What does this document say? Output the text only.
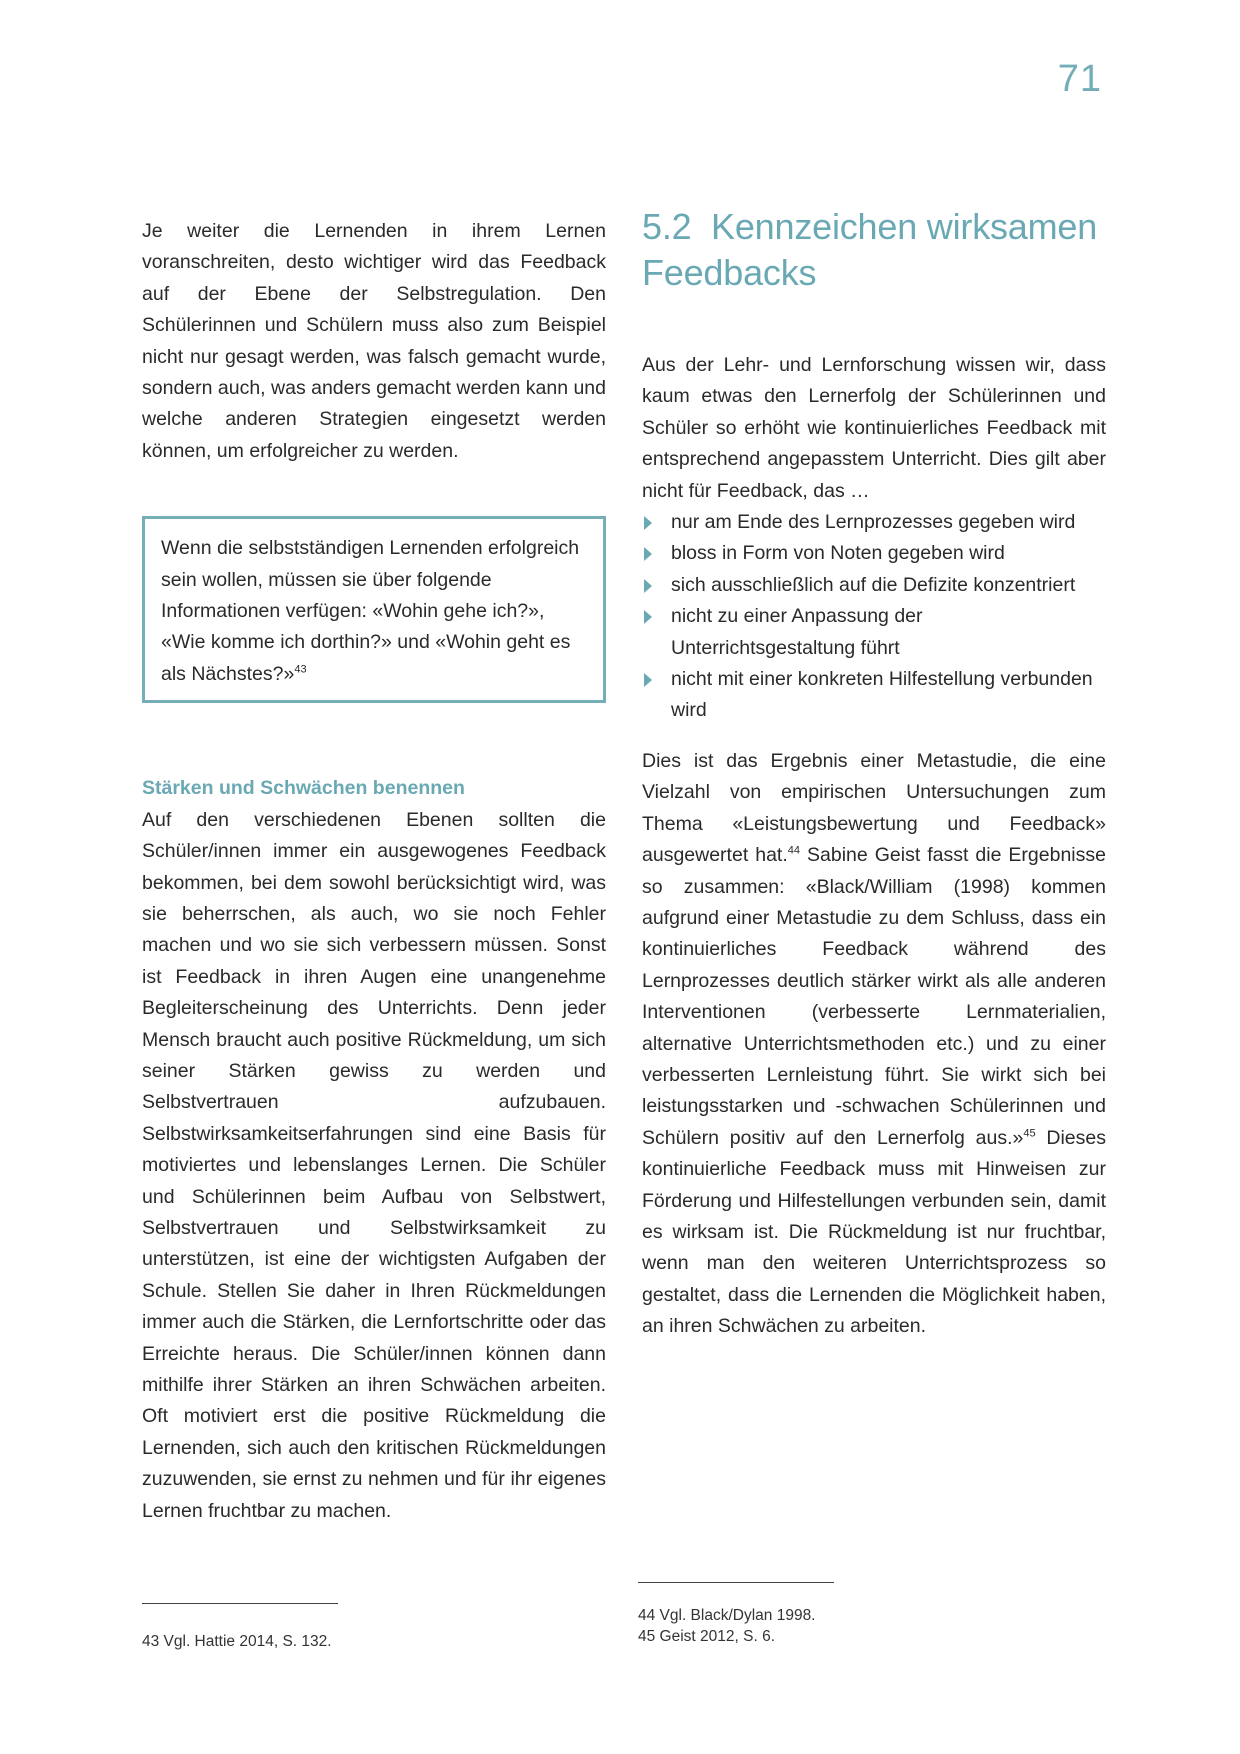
71

Je weiter die Lernenden in ihrem Lernen voranschreiten, desto wichtiger wird das Feedback auf der Ebene der Selbstregulation. Den Schülerinnen und Schülern muss also zum Beispiel nicht nur gesagt werden, was falsch gemacht wurde, sondern auch, was anders gemacht werden kann und welche anderen Strategien eingesetzt werden können, um erfolgreicher zu werden.

Wenn die selbstständigen Lernenden erfolgreich sein wollen, müssen sie über folgende Informationen verfügen: «Wohin gehe ich?», «Wie komme ich dorthin?» und «Wohin geht es als Nächstes?»$^{43}$

Stärken und Schwächen benennen

Auf den verschiedenen Ebenen sollten die Schüler/innen immer ein ausgewogenes Feedback bekommen, bei dem sowohl berücksichtigt wird, was sie beherrschen, als auch, wo sie noch Fehler machen und wo sie sich verbessern müssen. Sonst ist Feedback in ihren Augen eine unangenehme Begleiterscheinung des Unterrichts. Denn jeder Mensch braucht auch positive Rückmeldung, um sich seiner Stärken gewiss zu werden und Selbstvertrauen aufzubauen. Selbstwirksamkeitserfahrungen sind eine Basis für motiviertes und lebenslanges Lernen. Die Schüler und Schülerinnen beim Aufbau von Selbstwert, Selbstvertrauen und Selbstwirksamkeit zu unterstützen, ist eine der wichtigsten Aufgaben der Schule. Stellen Sie daher in Ihren Rückmeldungen immer auch die Stärken, die Lernfortschritte oder das Erreichte heraus. Die Schüler/innen können dann mithilfe ihrer Stärken an ihren Schwächen arbeiten. Oft motiviert erst die positive Rückmeldung die Lernenden, sich auch den kritischen Rückmeldungen zuzuwenden, sie ernst zu nehmen und für ihr eigenes Lernen fruchtbar zu machen.

5.2  Kennzeichen wirksamen Feedbacks

Aus der Lehr- und Lernforschung wissen wir, dass kaum etwas den Lernerfolg der Schülerinnen und Schüler so erhöht wie kontinuierliches Feedback mit entsprechend angepasstem Unterricht. Dies gilt aber nicht für Feedback, das …

nur am Ende des Lernprozesses gegeben wird
bloss in Form von Noten gegeben wird
sich ausschließlich auf die Defizite konzentriert
nicht zu einer Anpassung der Unterrichtsgestaltung führt
nicht mit einer konkreten Hilfestellung verbunden wird

Dies ist das Ergebnis einer Metastudie, die eine Vielzahl von empirischen Untersuchungen zum Thema «Leistungsbewertung und Feedback» ausgewertet hat.$^{44}$ Sabine Geist fasst die Ergebnisse so zusammen: «Black/William (1998) kommen aufgrund einer Metastudie zu dem Schluss, dass ein kontinuierliches Feedback während des Lernprozesses deutlich stärker wirkt als alle anderen Interventionen (verbesserte Lernmaterialien, alternative Unterrichtsmethoden etc.) und zu einer verbesserten Lernleistung führt. Sie wirkt sich bei leistungsstarken und -schwachen Schülerinnen und Schülern positiv auf den Lernerfolg aus.»$^{45}$ Dieses kontinuierliche Feedback muss mit Hinweisen zur Förderung und Hilfestellungen verbunden sein, damit es wirksam ist. Die Rückmeldung ist nur fruchtbar, wenn man den weiteren Unterrichtsprozess so gestaltet, dass die Lernenden die Möglichkeit haben, an ihren Schwächen zu arbeiten.

43 Vgl. Hattie 2014, S. 132.
44 Vgl. Black/Dylan 1998.
45 Geist 2012, S. 6.
